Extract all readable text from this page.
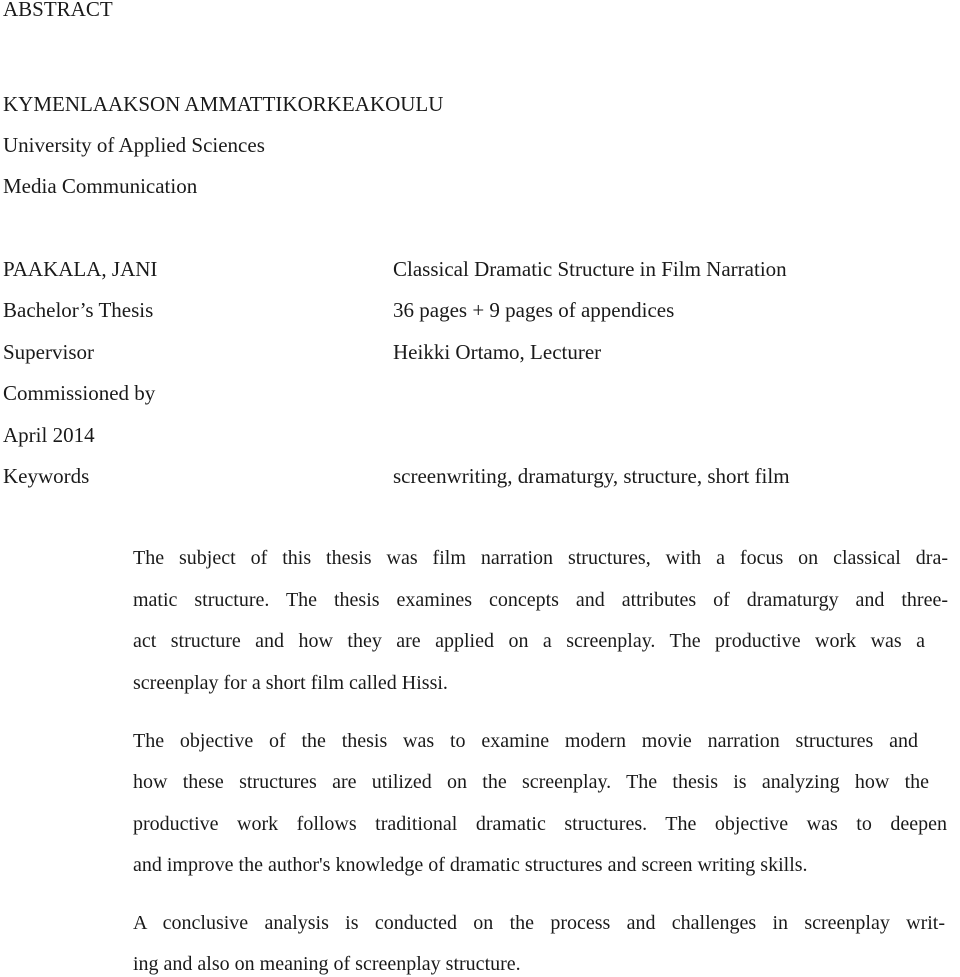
ABSTRACT
KYMENLAAKSON AMMATTIKORKEAKOULU
University of Applied Sciences
Media Communication
PAAKALA, JANI	Classical Dramatic Structure in Film Narration
Bachelor’s Thesis	36 pages + 9 pages of appendices
Supervisor	Heikki Ortamo, Lecturer
Commissioned by
April 2014
Keywords	screenwriting, dramaturgy, structure, short film
The subject of this thesis was film narration structures, with a focus on classical dra-
matic structure. The thesis examines concepts and attributes of dramaturgy and three-
act structure and how they are applied on a screenplay. The productive work was a
screenplay for a short film called Hissi.
The objective of the thesis was to examine modern movie narration structures and
how these structures are utilized on the screenplay. The thesis is analyzing how the
productive work follows traditional dramatic structures. The objective was to deepen
and improve the author's knowledge of dramatic structures and screen writing skills.
A conclusive analysis is conducted on the process and challenges in screenplay writ-
ing and also on meaning of screenplay structure.
